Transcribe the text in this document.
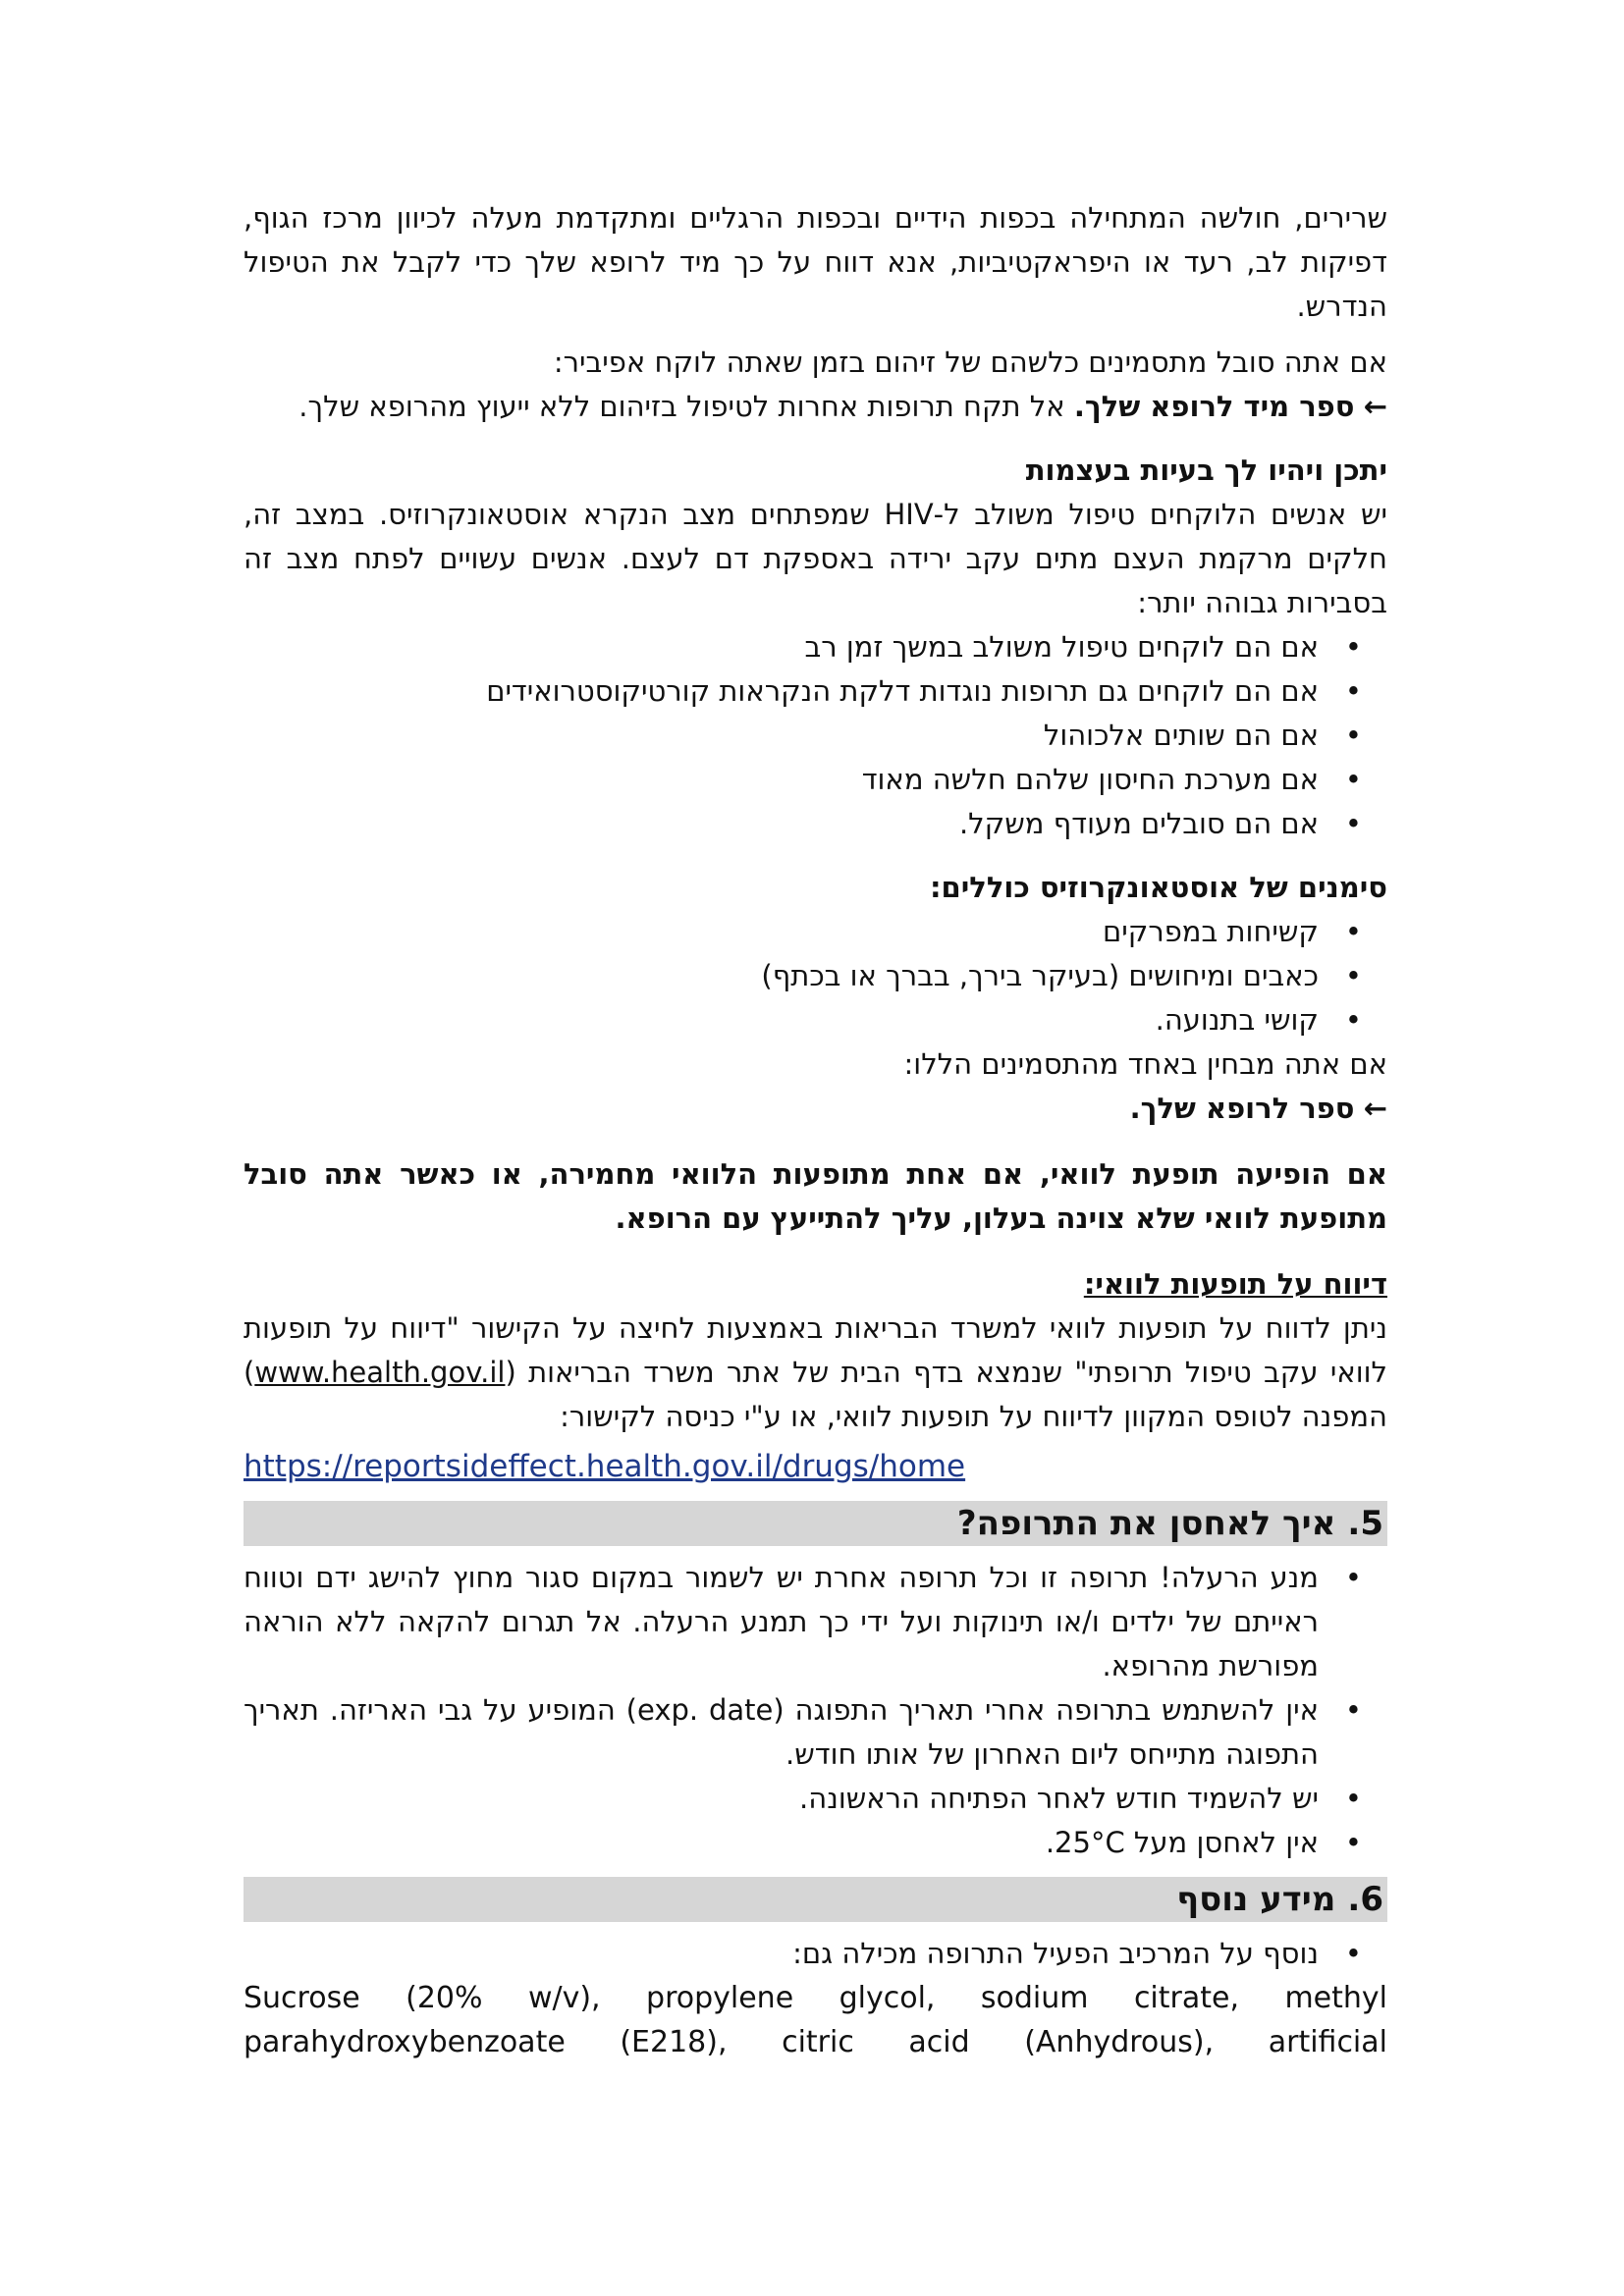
שרירים, חולשה המתחילה בכפות הידיים ובכפות הרגליים ומתקדמת מעלה לכיוון מרכז הגוף, דפיקות לב, רעד או היפראקטיביות, אנא דווח על כך מיד לרופא שלך כדי לקבל את הטיפול הנדרש.

אם אתה סובל מתסמינים כלשהם של זיהום בזמן שאתה לוקח אפיביר:

← ספר מיד לרופא שלך. אל תקח תרופות אחרות לטיפול בזיהום ללא ייעוץ מהרופא שלך.

יתכן ויהיו לך בעיות בעצמות

יש אנשים הלוקחים טיפול משולב ל-HIV שמפתחים מצב הנקרא אוסטאונקרוזיס. במצב זה, חלקים מרקמת העצם מתים עקב ירידה באספקת דם לעצם. אנשים עשויים לפתח מצב זה בסבירות גבוהה יותר:

• אם הם לוקחים טיפול משולב במשך זמן רב
• אם הם לוקחים גם תרופות נוגדות דלקת הנקראות קורטיקוסטרואידים
• אם הם שותים אלכוהול
• אם מערכת החיסון שלהם חלשה מאוד
• אם הם סובלים מעודף משקל.

סימנים של אוסטאונקרוזיס כוללים:

• קשיחות במפרקים
• כאבים ומיחושים (בעיקר בירך, בברך או בכתף)
• קושי בתנועה.

אם אתה מבחין באחד מהתסמינים הללו:

← ספר לרופא שלך.

אם הופיעה תופעת לוואי, אם אחת מתופעות הלוואי מחמירה, או כאשר אתה סובל מתופעת לוואי שלא צוינה בעלון, עליך להתייעץ עם הרופא.

דיווח על תופעות לוואי:

ניתן לדווח על תופעות לוואי למשרד הבריאות באמצעות לחיצה על הקישור "דיווח על תופעות לוואי עקב טיפול תרופתי" שנמצא בדף הבית של אתר משרד הבריאות (www.health.gov.il) המפנה לטופס המקוון לדיווח על תופעות לוואי, או ע"י כניסה לקישור:

https://reportsideffect.health.gov.il/drugs/home

5.איך לאחסן את התרופה?
• מנע הרעלה! תרופה זו וכל תרופה אחרת יש לשמור במקום סגור מחוץ להישג ידם וטווח ראייתם של ילדים ו/או תינוקות ועל ידי כך תמנע הרעלה. אל תגרום להקאה ללא הוראה מפורשת מהרופא.
• אין להשתמש בתרופה אחרי תאריך התפוגה (exp. date) המופיע על גבי האריזה. תאריך התפוגה מתייחס ליום האחרון של אותו חודש.
• יש להשמיד חודש לאחר הפתיחה הראשונה.
• אין לאחסן מעל 25°C.
6.מידע נוסף
• נוסף על המרכיב הפעיל התרופה מכילה גם:

Sucrose (20% w/v), propylene glycol, sodium citrate, methyl parahydroxybenzoate (E218), citric acid (Anhydrous), artificial
